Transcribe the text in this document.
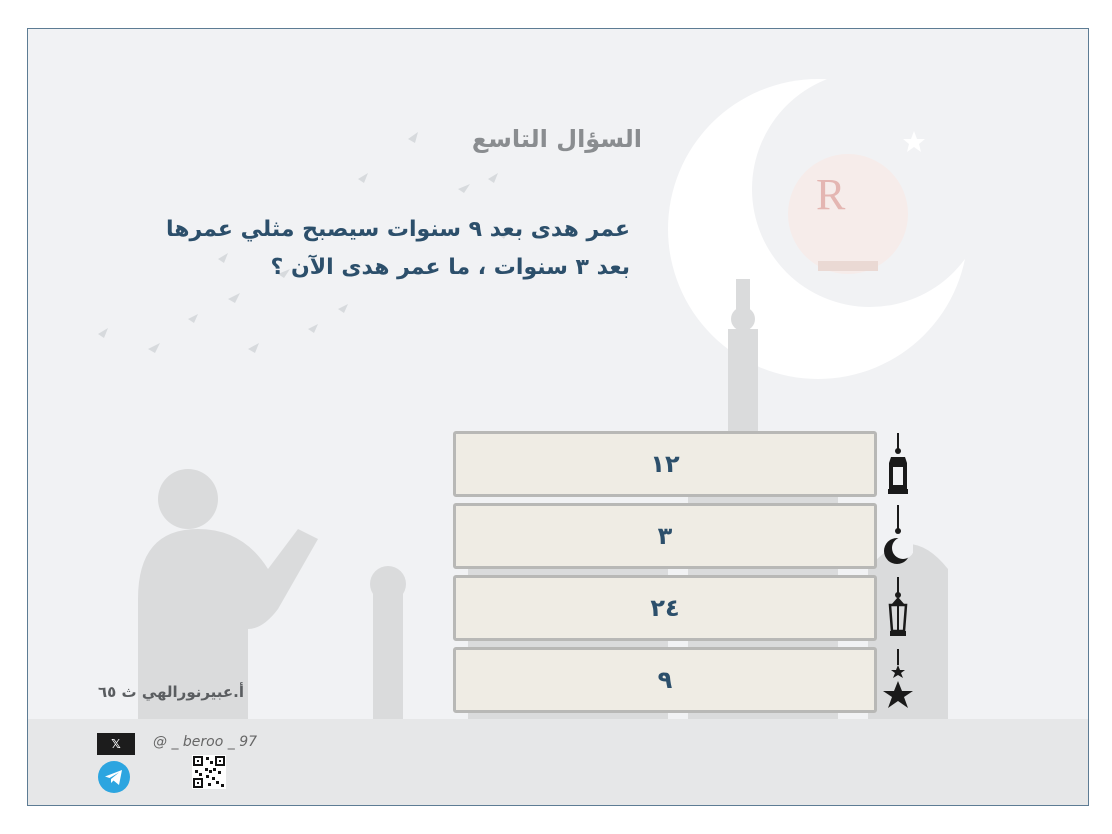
R
السؤال التاسع
عمر هدى بعد ٩ سنوات سيصبح مثلي عمرها
بعد ٣ سنوات ، ما عمر هدى الآن ؟
١٢
٣
٢٤
٩
أ.عبيرنورالهي ث ٦٥
𝕏	@ _ beroo _ 97
